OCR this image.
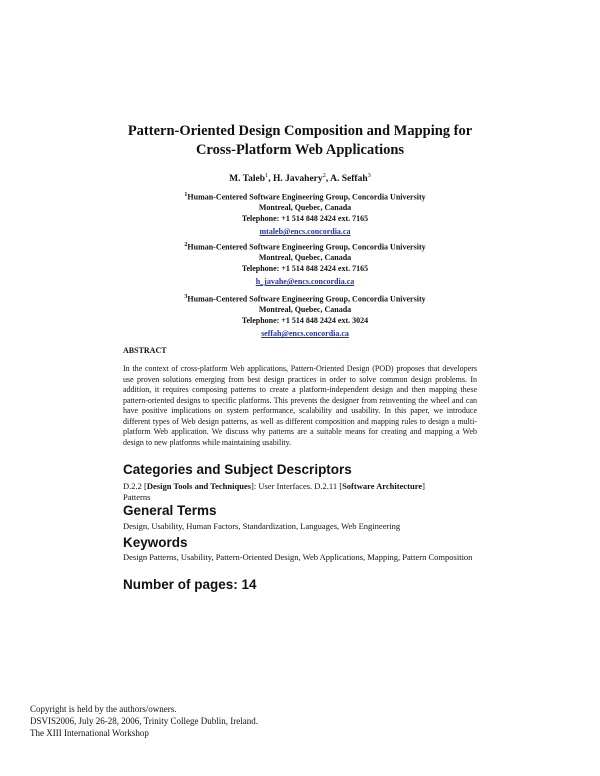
Pattern-Oriented Design Composition and Mapping for
Cross-Platform Web Applications
M. Taleb$^1$, H. Javahery$^2$, A. Seffah$^3$
$^1$Human-Centered Software Engineering Group, Concordia University
Montreal, Quebec, Canada
Telephone: +1 514 848 2424 ext. 7165
mtaleb@encs.concordia.ca
$^2$Human-Centered Software Engineering Group, Concordia University
Montreal, Quebec, Canada
Telephone: +1 514 848 2424 ext. 7165
h_javahe@encs.concordia.ca
$^3$Human-Centered Software Engineering Group, Concordia University
Montreal, Quebec, Canada
Telephone: +1 514 848 2424 ext. 3024
seffah@encs.concordia.ca
ABSTRACT
In the context of cross-platform Web applications, Pattern-Oriented Design (POD) proposes that developers use proven solutions emerging from best design practices in order to solve common design problems. In addition, it requires composing patterns to create a platform-independent design and then mapping these pattern-oriented designs to specific platforms. This prevents the designer from reinventing the wheel and can have positive implications on system performance, scalability and usability. In this paper, we introduce different types of Web design patterns, as well as different composition and mapping rules to design a multi-platform Web application. We discuss why patterns are a suitable means for creating and mapping a Web design to new platforms while maintaining usability.
Categories and Subject Descriptors
D.2.2 [Design Tools and Techniques]: User Interfaces. D.2.11 [Software Architecture]
Patterns
General Terms
Design, Usability, Human Factors, Standardization, Languages, Web Engineering
Keywords
Design Patterns, Usability, Pattern-Oriented Design, Web Applications, Mapping, Pattern Composition
Number of pages: 14
Copyright is held by the authors/owners.
DSVIS2006, July 26-28, 2006, Trinity College Dublin, Ireland.
The XIII International Workshop
